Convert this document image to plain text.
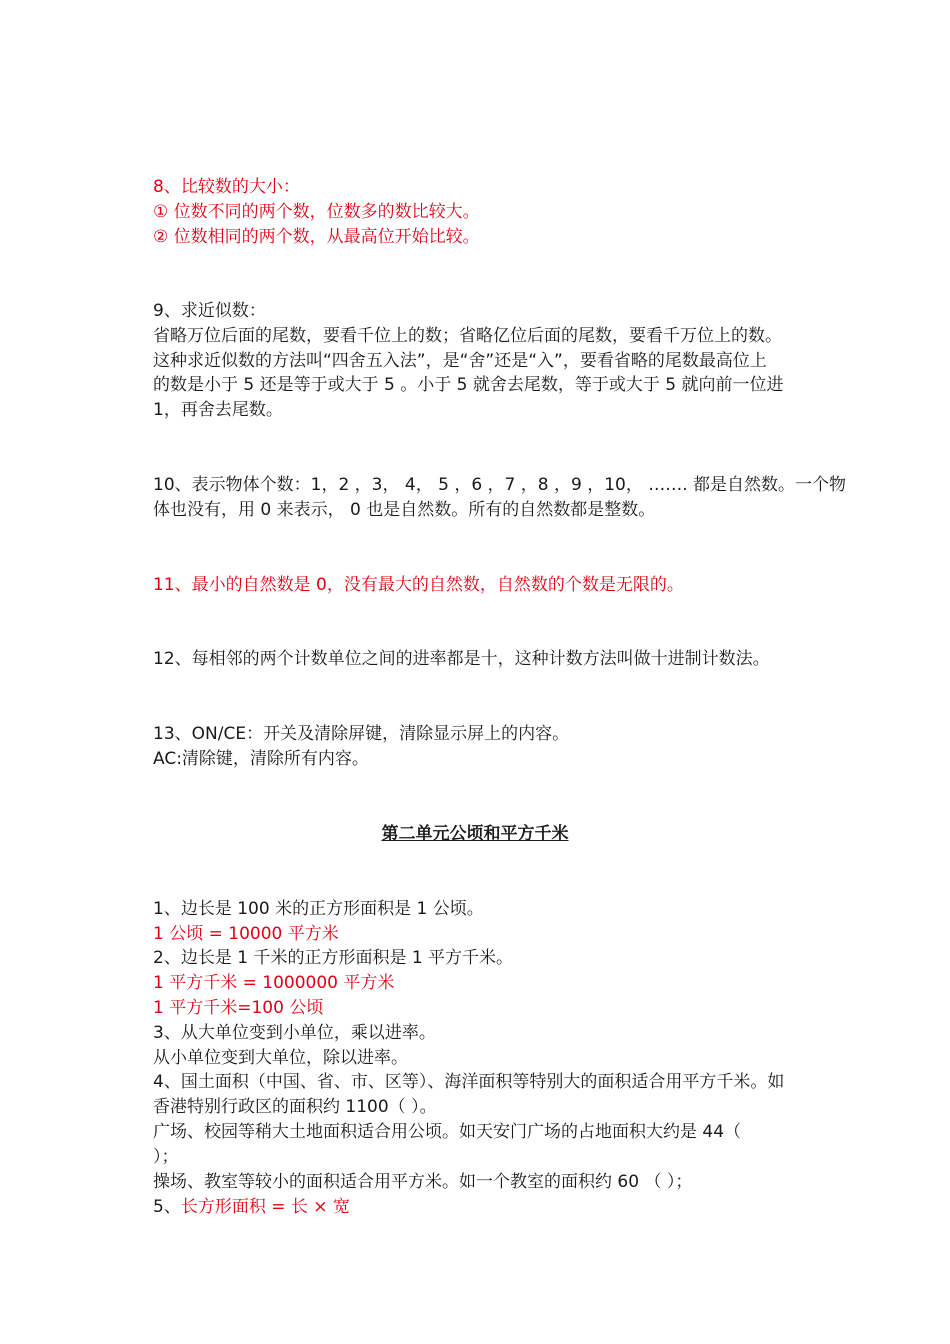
8、比较数的大小：
① 位数不同的两个数，位数多的数比较大。
② 位数相同的两个数，从最高位开始比较。
9、求近似数：
省略万位后面的尾数，要看千位上的数；省略亿位后面的尾数，要看千万位上的数。
这种求近似数的方法叫“四舍五入法”，是“舍”还是“入”，要看省略的尾数最高位上
的数是小于 5 还是等于或大于 5 。小于 5 就舍去尾数，等于或大于 5 就向前一位进
1，再舍去尾数。
10、表示物体个数：1，2 ，3， 4， 5 ，6 ，7 ，8 ，9 ，10， ……. 都是自然数。一个物
体也没有，用 0 来表示， 0 也是自然数。所有的自然数都是整数。
11、最小的自然数是 0，没有最大的自然数，自然数的个数是无限的。
12、每相邻的两个计数单位之间的进率都是十，这种计数方法叫做十进制计数法。
13、ON/CE：开关及清除屏键，清除显示屏上的内容。
AC:清除键，清除所有内容。
第二单元公顷和平方千米
1、边长是 100 米的正方形面积是 1 公顷。
1 公顷 = 10000 平方米
2、边长是 1 千米的正方形面积是 1 平方千米。
1 平方千米 = 1000000 平方米
1 平方千米=100 公顷
3、从大单位变到小单位，乘以进率。
从小单位变到大单位，除以进率。
4、国土面积（中国、省、市、区等）、海洋面积等特别大的面积适合用平方千米。如
香港特别行政区的面积约 1100（ ）。
广场、校园等稍大土地面积适合用公顷。如天安门广场的占地面积大约是 44（
）；
操场、教室等较小的面积适合用平方米。如一个教室的面积约 60 （ ）；
5、长方形面积 = 长 × 宽
